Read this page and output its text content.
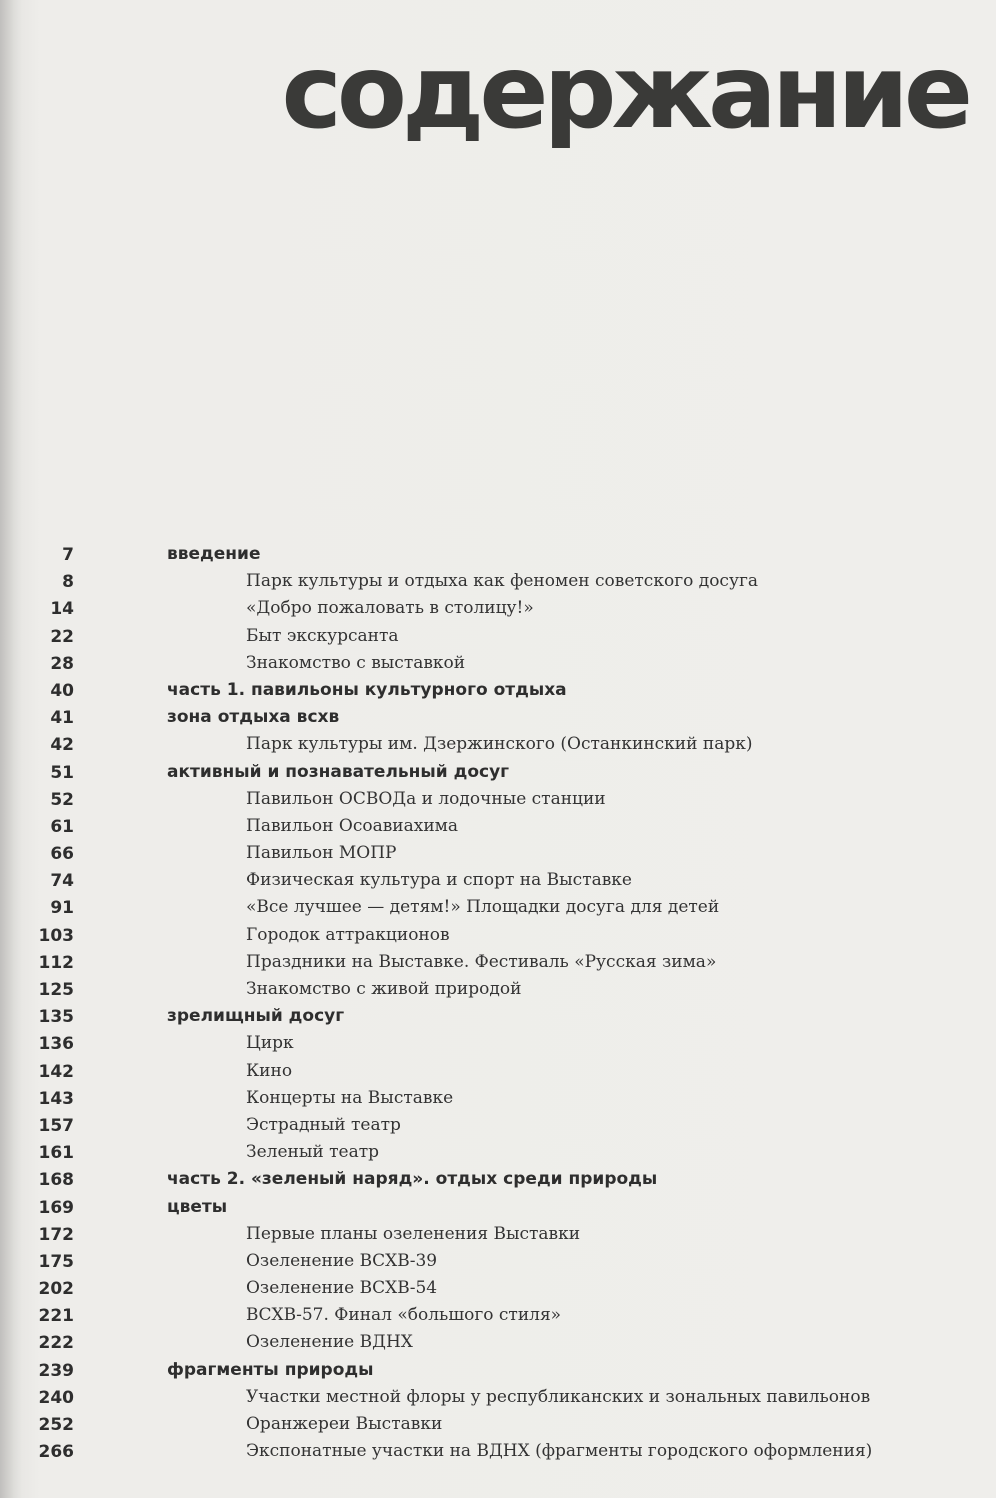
содержание
7	введение
8	Парк культуры и отдыха как феномен советского досуга
14	«Добро пожаловать в столицу!»
22	Быт экскурсанта
28	Знакомство с выставкой
40	часть 1. павильоны культурного отдыха
41	зона отдыха всхв
42	Парк культуры им. Дзержинского (Останкинский парк)
51	активный и познавательный досуг
52	Павильон ОСВОДа и лодочные станции
61	Павильон Осоавиахима
66	Павильон МОПР
74	Физическая культура и спорт на Выставке
91	«Все лучшее — детям!» Площадки досуга для детей
103	Городок аттракционов
112	Праздники на Выставке. Фестиваль «Русская зима»
125	Знакомство с живой природой
135	зрелищный досуг
136	Цирк
142	Кино
143	Концерты на Выставке
157	Эстрадный театр
161	Зеленый театр
168	часть 2. «зеленый наряд». отдых среди природы
169	цветы
172	Первые планы озеленения Выставки
175	Озеленение ВСХВ-39
202	Озеленение ВСХВ-54
221	ВСХВ-57. Финал «большого стиля»
222	Озеленение ВДНХ
239	фрагменты природы
240	Участки местной флоры у республиканских и зональных павильонов
252	Оранжереи Выставки
266	Экспонатные участки на ВДНХ (фрагменты городского оформления)
